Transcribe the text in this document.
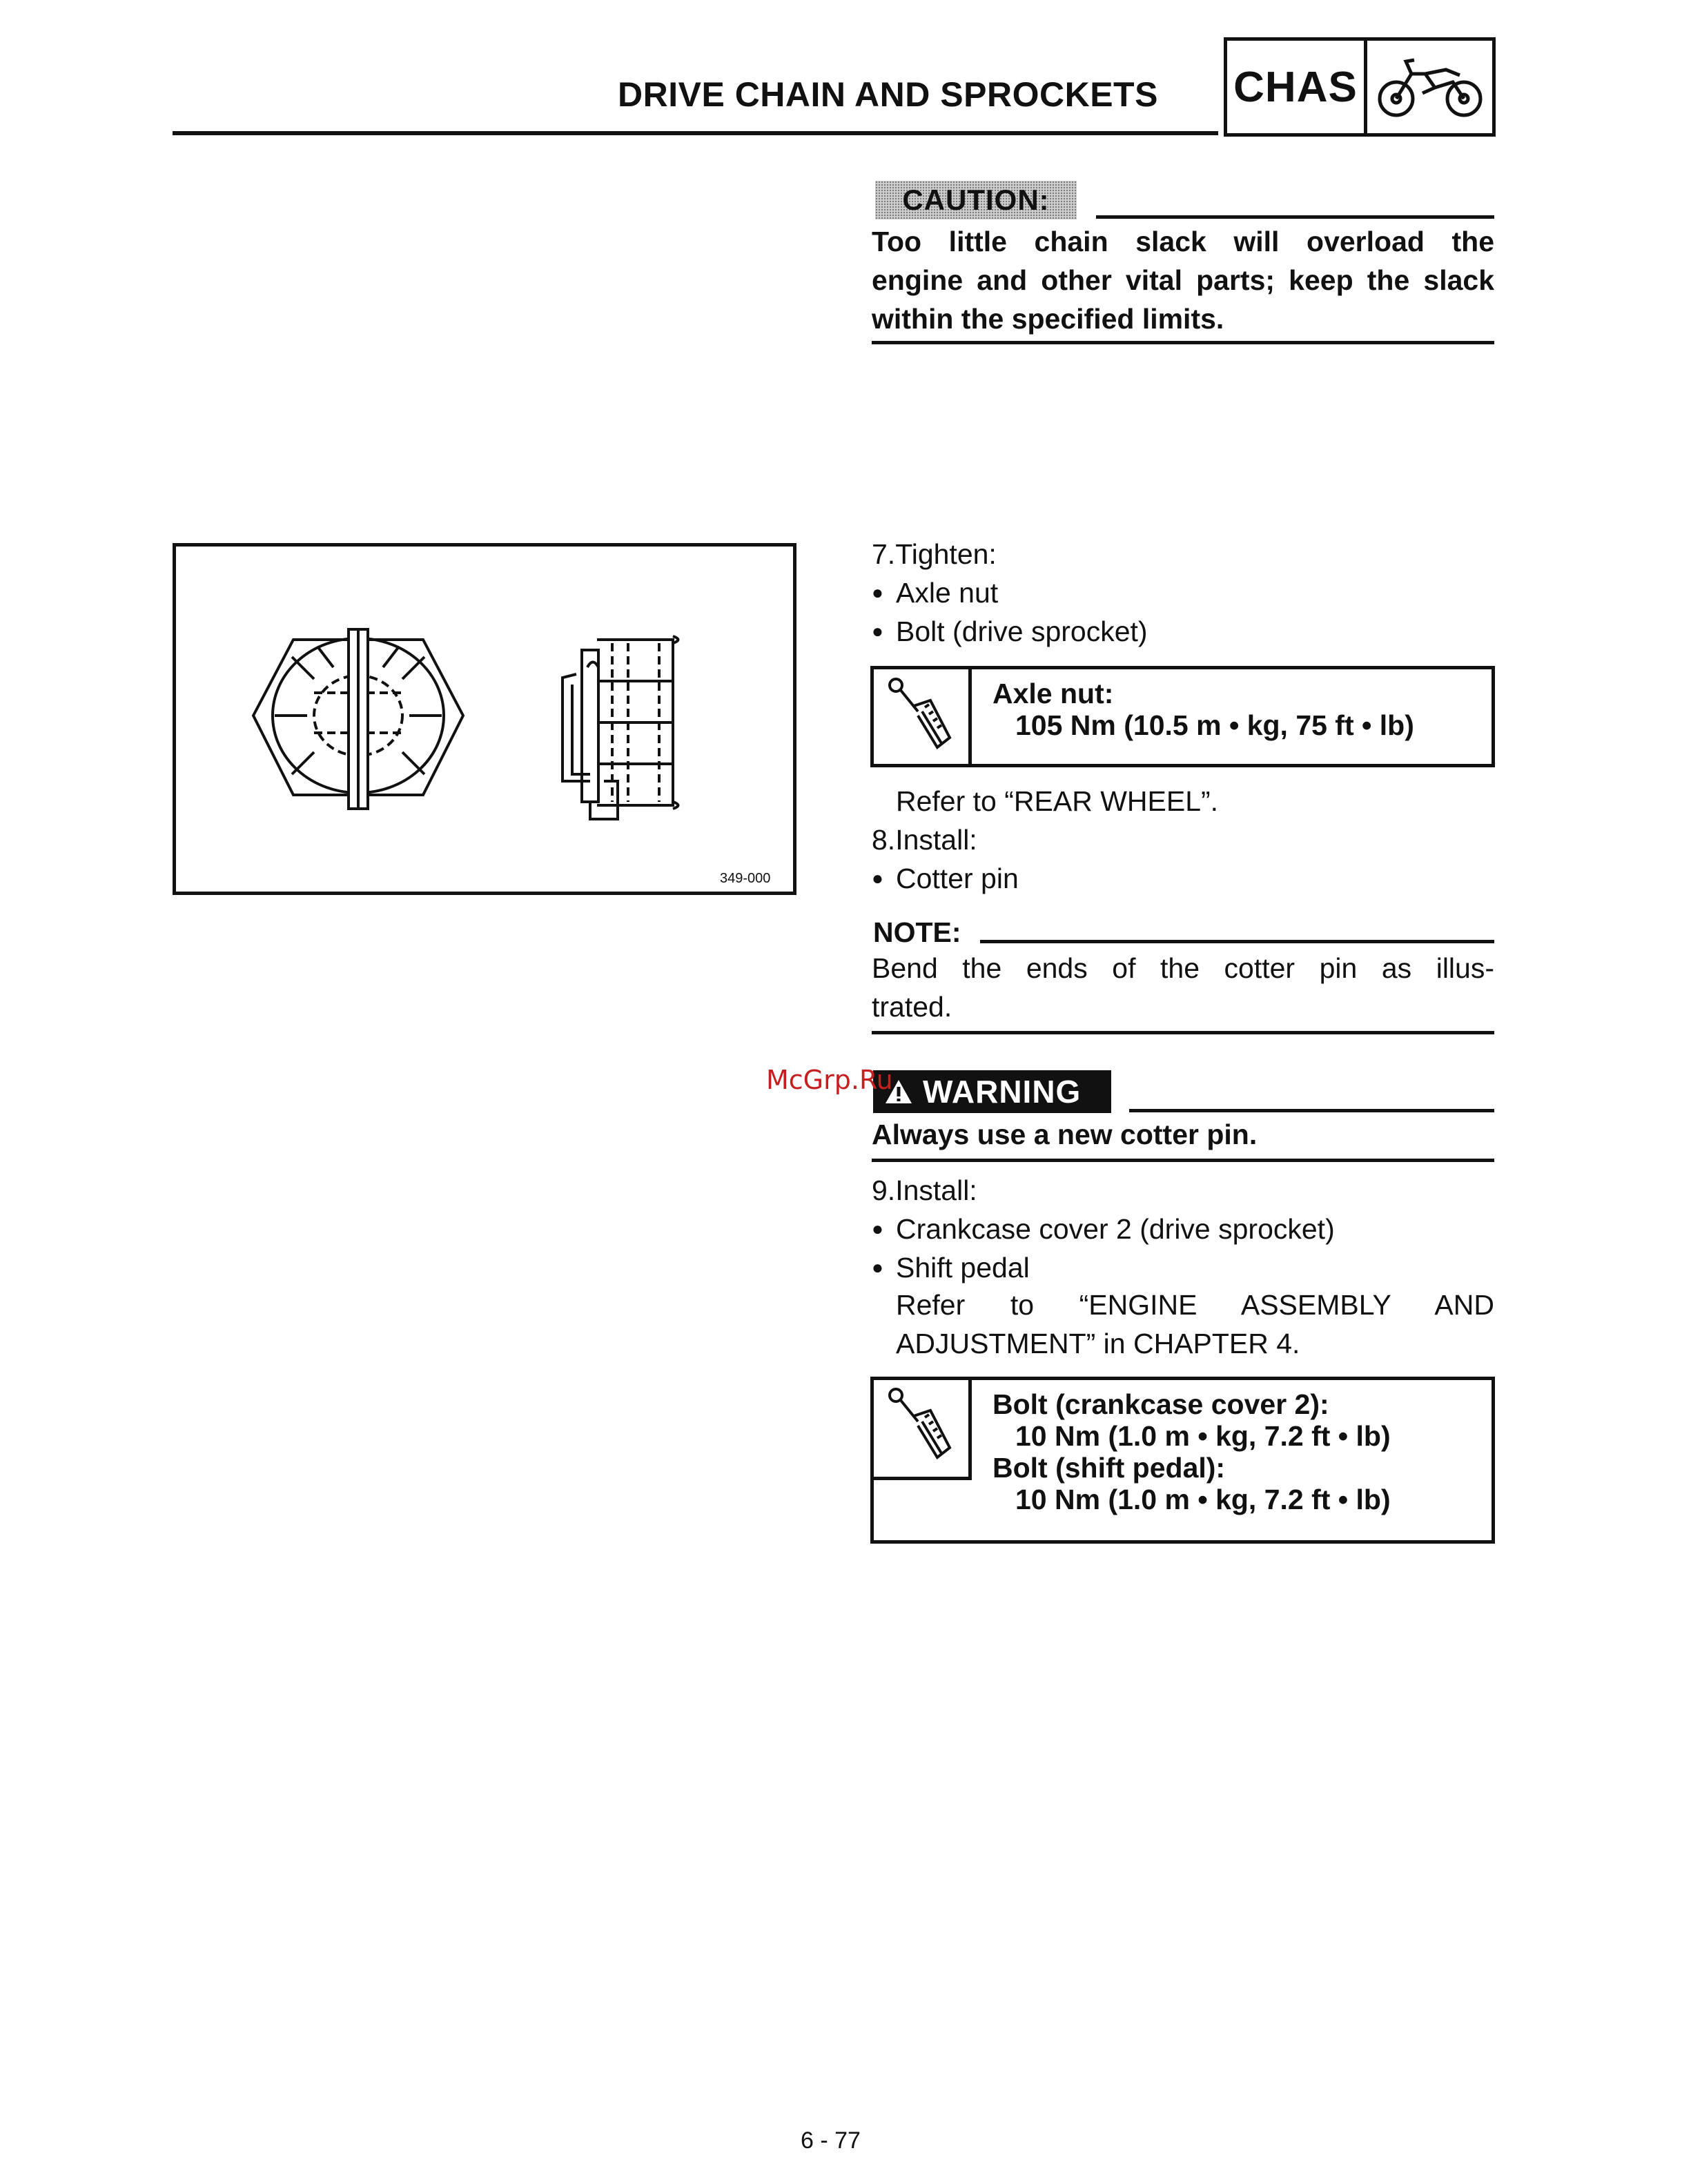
DRIVE CHAIN AND SPROCKETS CHAS
CAUTION:
Too little chain slack will overload the
engine and other vital parts; keep the slack
within the specified limits.
349-000
7.Tighten:
● Axle nut
● Bolt (drive sprocket)
Axle nut:
105 Nm (10.5 m • kg, 75 ft • lb)
Refer to “REAR WHEEL”.
8.Install:
● Cotter pin
NOTE:
Bend the ends of the cotter pin as illus-
trated.
WARNING
Always use a new cotter pin.
McGrp.Ru
9.Install:
● Crankcase cover 2 (drive sprocket)
● Shift pedal
Refer to “ENGINE ASSEMBLY AND
ADJUSTMENT” in CHAPTER 4.
Bolt (crankcase cover 2):
10 Nm (1.0 m • kg, 7.2 ft • lb)
Bolt (shift pedal):
10 Nm (1.0 m • kg, 7.2 ft • lb)
6 - 77
